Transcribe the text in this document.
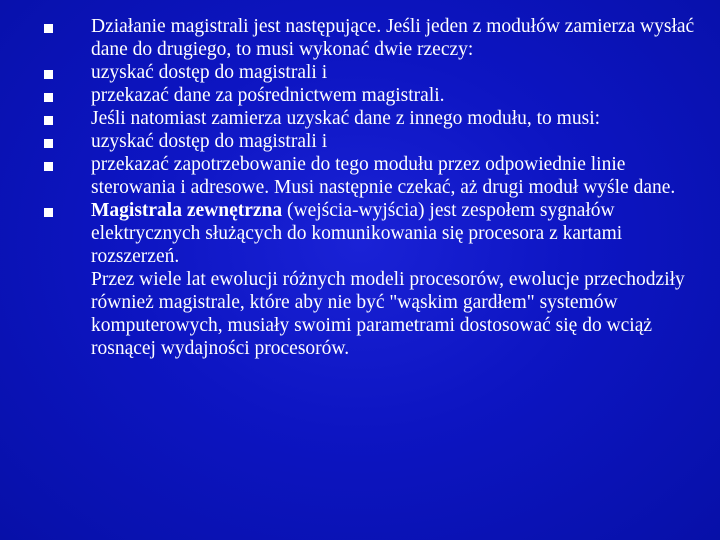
Działanie magistrali jest następujące. Jeśli jeden z modułów zamierza wysłać dane do drugiego, to musi wykonać dwie rzeczy:
uzyskać dostęp do magistrali i
przekazać dane za pośrednictwem magistrali.
Jeśli natomiast zamierza uzyskać dane z innego modułu, to musi:
uzyskać dostęp do magistrali i
przekazać zapotrzebowanie do tego modułu przez odpowiednie linie sterowania i adresowe. Musi następnie czekać, aż drugi moduł wyśle dane.
Magistrala zewnętrzna (wejścia-wyjścia) jest zespołem sygnałów elektrycznych służących do komunikowania się procesora z kartami rozszerzeń.
Przez wiele lat ewolucji różnych modeli procesorów, ewolucje przechodziły również magistrale, które aby nie być "wąskim gardłem" systemów komputerowych, musiały swoimi parametrami dostosować się do wciąż rosnącej wydajności procesorów.
